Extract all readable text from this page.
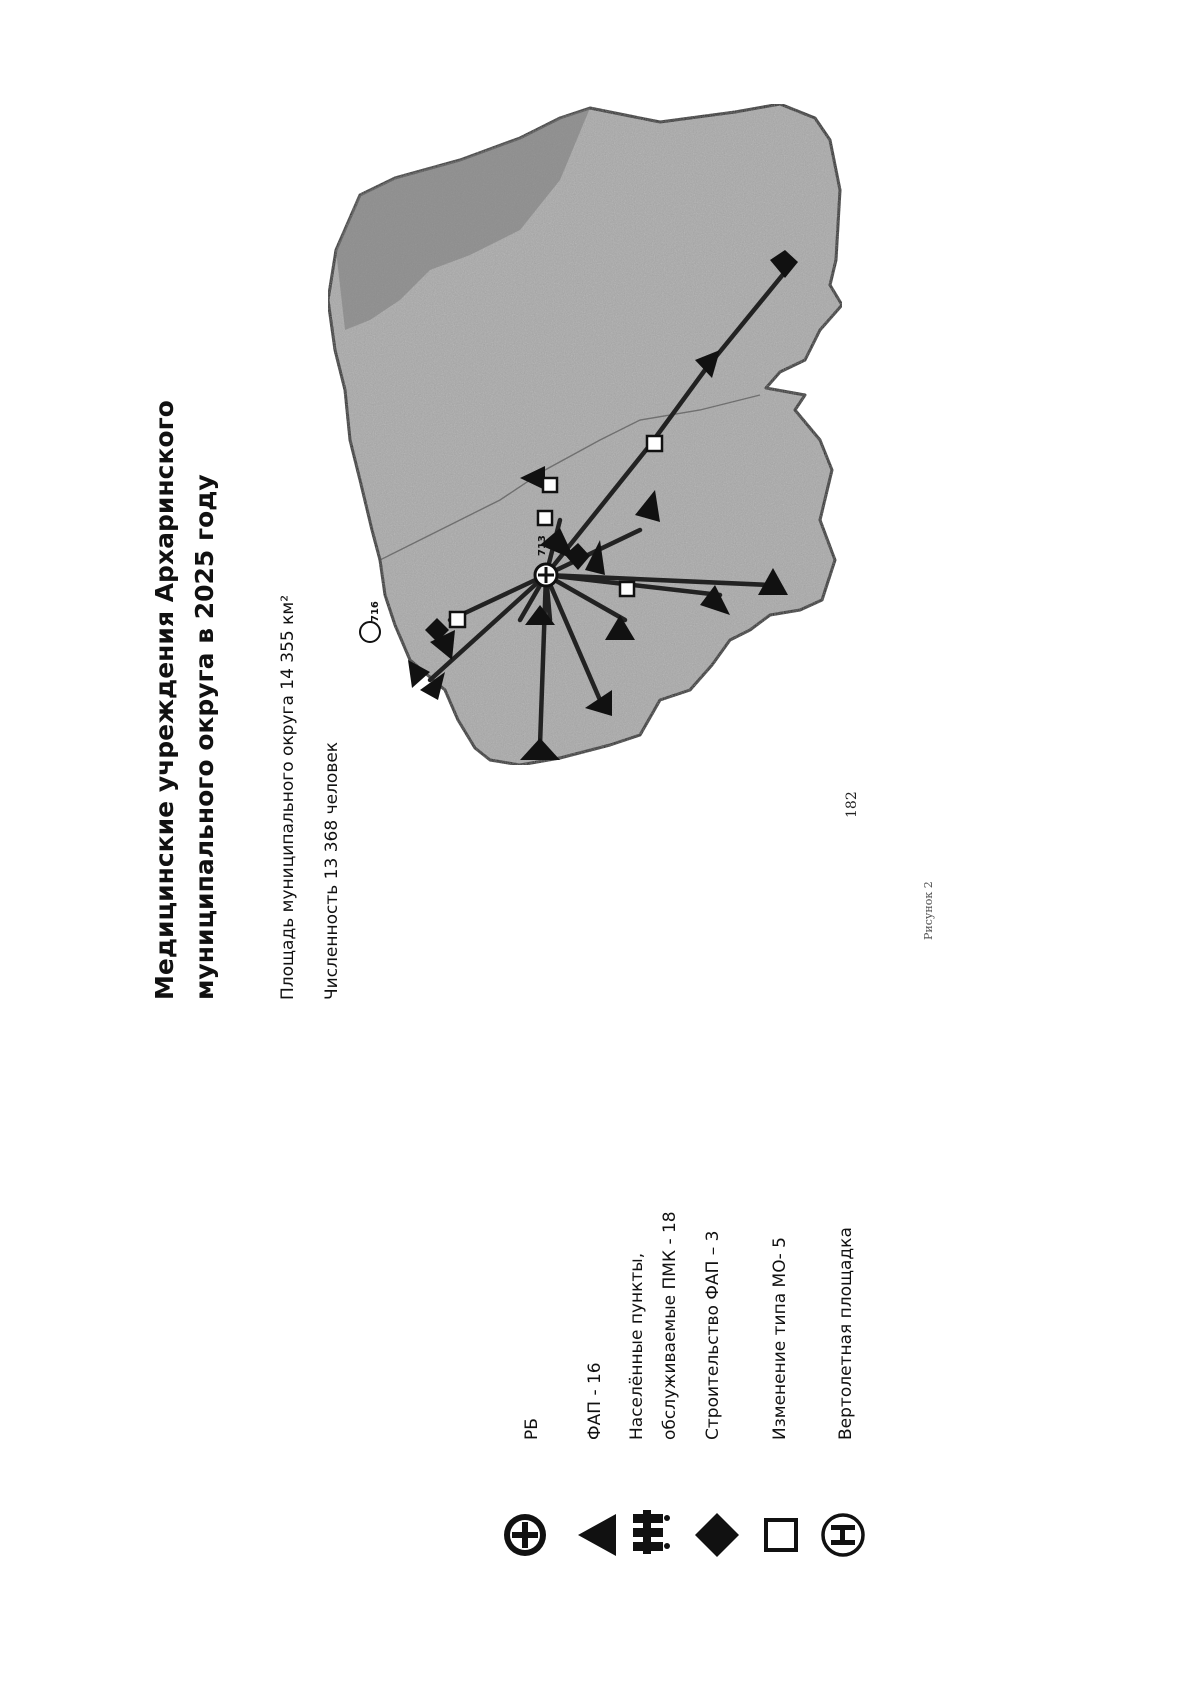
182
Медицинские учреждения Архаринского муниципального округа в 2025 году	Площадь муниципального округа 14 355 км² Численность 13 368 человек
РБ	ФАП - 16 Населённые пункты, обслуживаемые ПМК - 18 Строительство ФАП – 3	Изменение типа МО- 5	Вертолетная площадка
716
713
Рисунок 2
